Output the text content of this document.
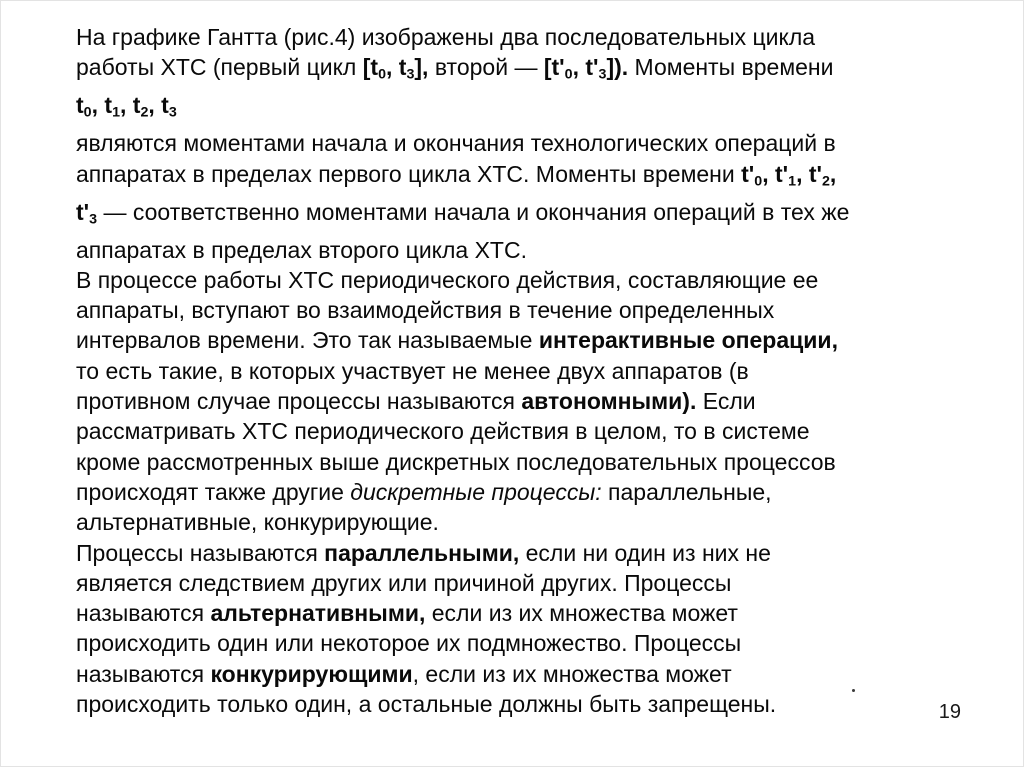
На графике Гантта (рис.4) изображены два последовательных цикла
работы ХТС (первый цикл [$t_0$, $t_3$], второй — [$t'_0$, $t'_3$]). Моменты времени
$t_0$, $t_1$, $t_2$, $t_3$
являются моментами начала и окончания технологических операций в
аппаратах в пределах первого цикла ХТС. Моменты времени $t'_0$, $t'_1$, $t'_2$,
$t'_3$ — соответственно моментами начала и окончания операций в тех же
аппаратах в пределах второго цикла ХТС.
В процессе работы ХТС периодического действия, составляющие ее
аппараты, вступают во взаимодействия в течение определенных
интервалов времени. Это так называемые интерактивные операции,
то есть такие, в которых участвует не менее двух аппаратов (в
противном случае процессы называются автономными). Если
рассматривать ХТС периодического действия в целом, то в системе
кроме рассмотренных выше дискретных последовательных процессов
происходят также другие дискретные процессы: параллельные,
альтернативные, конкурирующие.
Процессы называются параллельными, если ни один из них не
является следствием других или причиной других. Процессы
называются альтернативными, если из их множества может
происходить один или некоторое их подмножество. Процессы
называются конкурирующими, если из их множества может
происходить только один, а остальные должны быть запрещены.	19
